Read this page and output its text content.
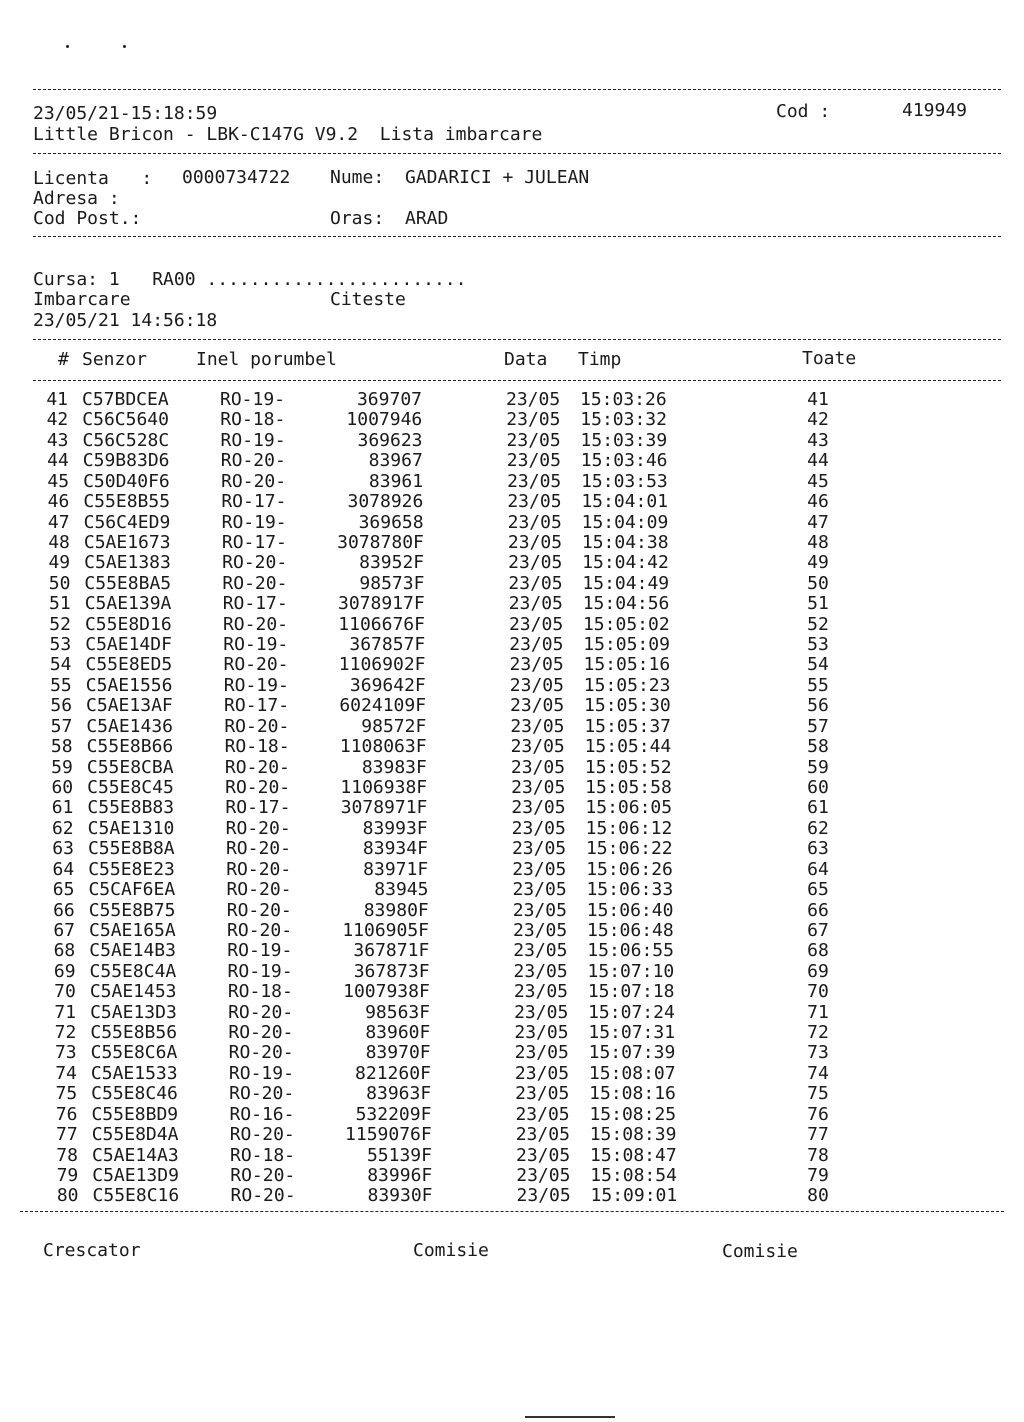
23/05/21-15:18:59	Cod :	419949
Little Bricon - LBK-C147G V9.2  Lista imbarcare
Licenta   : 0000734722 Nume: GADARICI + JULEAN
Adresa :
Cod Post.:	Oras: ARAD
Cursa: 1   RA00 ........................
Imbarcare	Citeste
23/05/21 14:56:18
# Senzor	Inel porumbel	Data Timp	Toate
41 C57BDCEA	RO-19-	369707	23/05 15:03:26	41
42 C56C5640	RO-18-	1007946	23/05 15:03:32	42
43 C56C528C	RO-19-	369623	23/05 15:03:39	43
44 C59B83D6	RO-20-	83967	23/05 15:03:46	44
45 C50D40F6	RO-20-	83961	23/05 15:03:53	45
46 C55E8B55	RO-17-	3078926	23/05 15:04:01	46
47 C56C4ED9	RO-19-	369658	23/05 15:04:09	47
48 C5AE1673	RO-17-	3078780F	23/05 15:04:38	48
49 C5AE1383	RO-20-	83952F	23/05 15:04:42	49
50 C55E8BA5	RO-20-	98573F	23/05 15:04:49	50
51 C5AE139A	RO-17-	3078917F	23/05 15:04:56	51
52 C55E8D16	RO-20-	1106676F	23/05 15:05:02	52
53 C5AE14DF	RO-19-	367857F	23/05 15:05:09	53
54 C55E8ED5	RO-20-	1106902F	23/05 15:05:16	54
55 C5AE1556	RO-19-	369642F	23/05 15:05:23	55
56 C5AE13AF	RO-17-	6024109F	23/05 15:05:30	56
57 C5AE1436	RO-20-	98572F	23/05 15:05:37	57
58 C55E8B66	RO-18-	1108063F	23/05 15:05:44	58
59 C55E8CBA	RO-20-	83983F	23/05 15:05:52	59
60 C55E8C45	RO-20-	1106938F	23/05 15:05:58	60
61 C55E8B83	RO-17-	3078971F	23/05 15:06:05	61
62 C5AE1310	RO-20-	83993F	23/05 15:06:12	62
63 C55E8B8A	RO-20-	83934F	23/05 15:06:22	63
64 C55E8E23	RO-20-	83971F	23/05 15:06:26	64
65 C5CAF6EA	RO-20-	83945	23/05 15:06:33	65
66 C55E8B75	RO-20-	83980F	23/05 15:06:40	66
67 C5AE165A	RO-20-	1106905F	23/05 15:06:48	67
68 C5AE14B3	RO-19-	367871F	23/05 15:06:55	68
69 C55E8C4A	RO-19-	367873F	23/05 15:07:10	69
70 C5AE1453	RO-18-	1007938F	23/05 15:07:18	70
71 C5AE13D3	RO-20-	98563F	23/05 15:07:24	71
72 C55E8B56	RO-20-	83960F	23/05 15:07:31	72
73 C55E8C6A	RO-20-	83970F	23/05 15:07:39	73
74 C5AE1533	RO-19-	821260F	23/05 15:08:07	74
75 C55E8C46	RO-20-	83963F	23/05 15:08:16	75
76 C55E8BD9	RO-16-	532209F	23/05 15:08:25	76
77 C55E8D4A	RO-20-	1159076F	23/05 15:08:39	77
78 C5AE14A3	RO-18-	55139F	23/05 15:08:47	78
79 C5AE13D9	RO-20-	83996F	23/05 15:08:54	79
80 C55E8C16	RO-20-	83930F	23/05 15:09:01	80
Crescator	Comisie	Comisie
